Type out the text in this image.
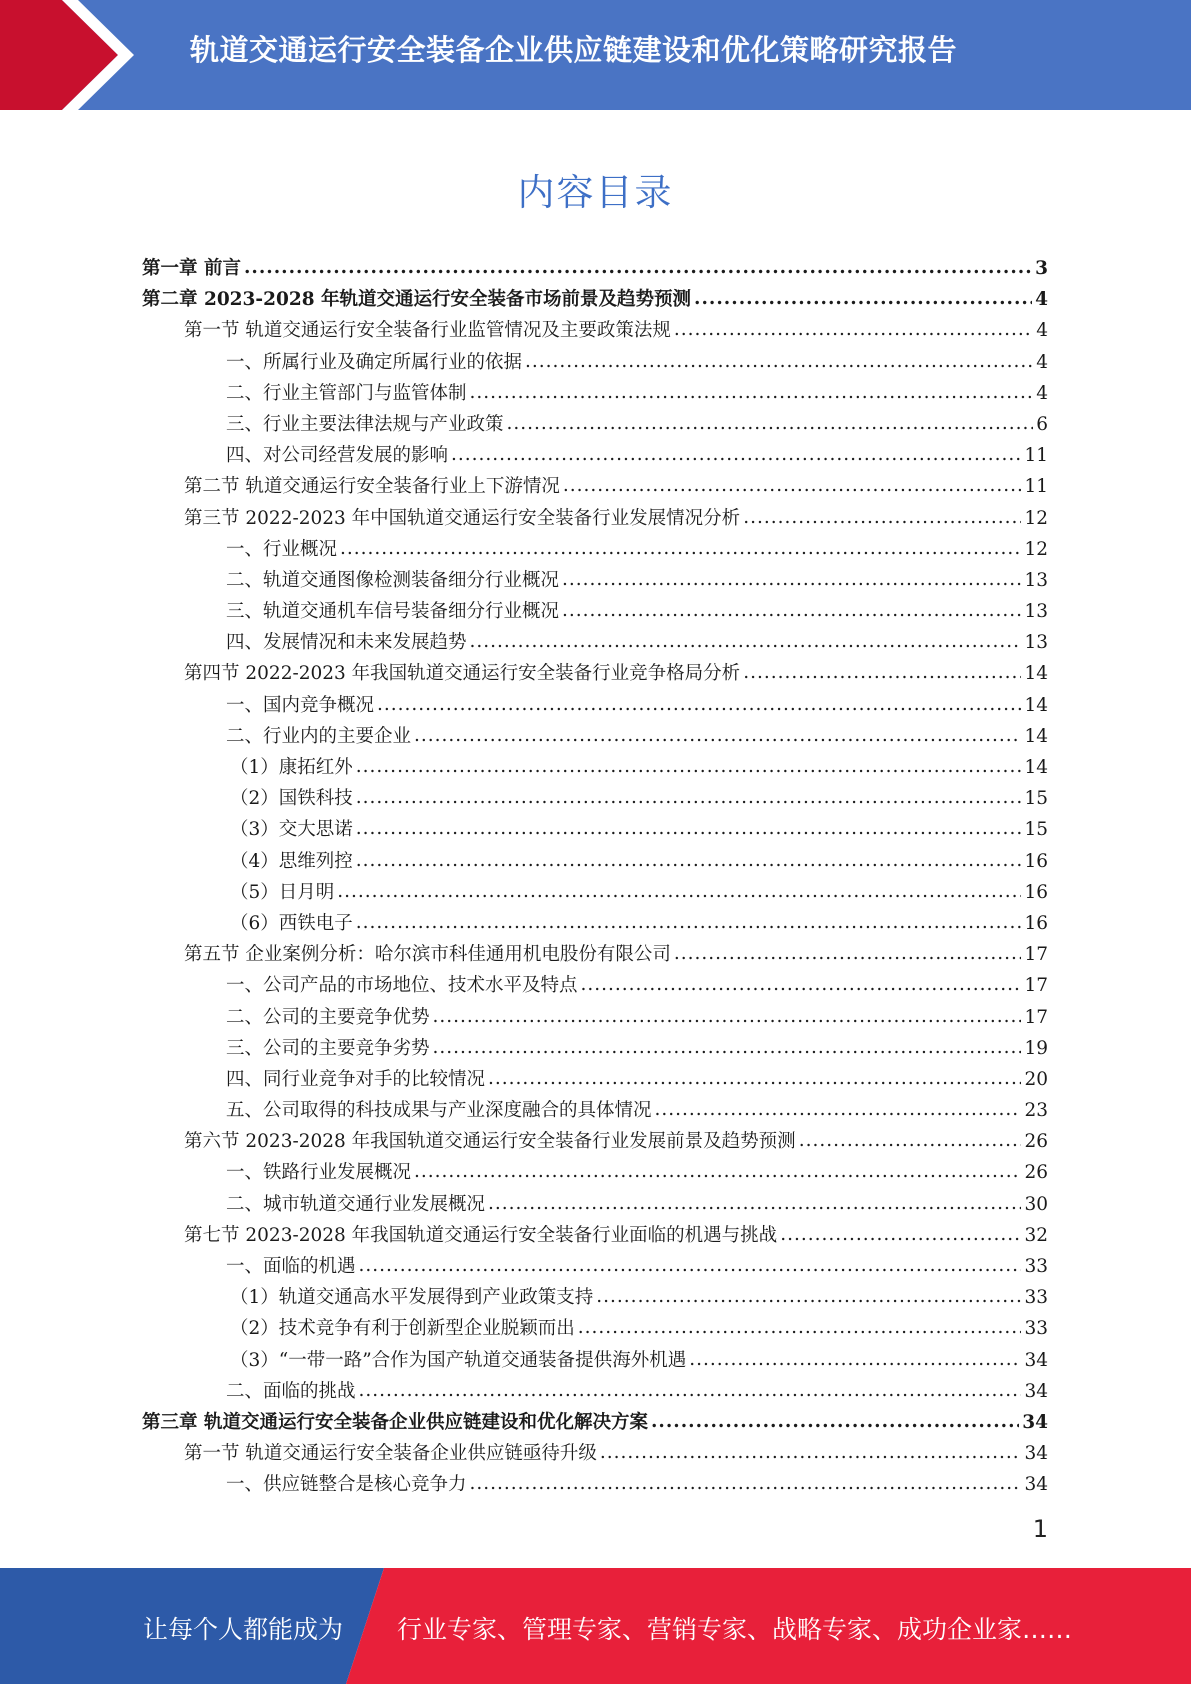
轨道交通运行安全装备企业供应链建设和优化策略研究报告
内容目录
第一章 前言 .....	3
第二章 2023-2028 年轨道交通运行安全装备市场前景及趋势预测 .....	4
第一节 轨道交通运行安全装备行业监管情况及主要政策法规 .....	4
一、所属行业及确定所属行业的依据 .....	4
二、行业主管部门与监管体制 .....	4
三、行业主要法律法规与产业政策 .....	6
四、对公司经营发展的影响 .....	11
第二节 轨道交通运行安全装备行业上下游情况 .....	11
第三节 2022-2023 年中国轨道交通运行安全装备行业发展情况分析 .....	12
一、行业概况 .....	12
二、轨道交通图像检测装备细分行业概况 .....	13
三、轨道交通机车信号装备细分行业概况 .....	13
四、发展情况和未来发展趋势 .....	13
第四节 2022-2023 年我国轨道交通运行安全装备行业竞争格局分析 .....	14
一、国内竞争概况 .....	14
二、行业内的主要企业 .....	14
（1）康拓红外 .....	14
（2）国铁科技 .....	15
（3）交大思诺 .....	15
（4）思维列控 .....	16
（5）日月明 .....	16
（6）西铁电子 .....	16
第五节 企业案例分析：哈尔滨市科佳通用机电股份有限公司 .....	17
一、公司产品的市场地位、技术水平及特点 .....	17
二、公司的主要竞争优势 .....	17
三、公司的主要竞争劣势 .....	19
四、同行业竞争对手的比较情况 .....	20
五、公司取得的科技成果与产业深度融合的具体情况 .....	23
第六节 2023-2028 年我国轨道交通运行安全装备行业发展前景及趋势预测 .....	26
一、铁路行业发展概况 .....	26
二、城市轨道交通行业发展概况 .....	30
第七节 2023-2028 年我国轨道交通运行安全装备行业面临的机遇与挑战 .....	32
一、面临的机遇 .....	33
（1）轨道交通高水平发展得到产业政策支持 .....	33
（2）技术竞争有利于创新型企业脱颖而出 .....	33
（3）“一带一路”合作为国产轨道交通装备提供海外机遇 .....	34
二、面临的挑战 .....	34
第三章 轨道交通运行安全装备企业供应链建设和优化解决方案 .....	34
第一节 轨道交通运行安全装备企业供应链亟待升级 .....	34
一、供应链整合是核心竞争力 .....	34
1
让每个人都能成为 行业专家、管理专家、营销专家、战略专家、成功企业家……
